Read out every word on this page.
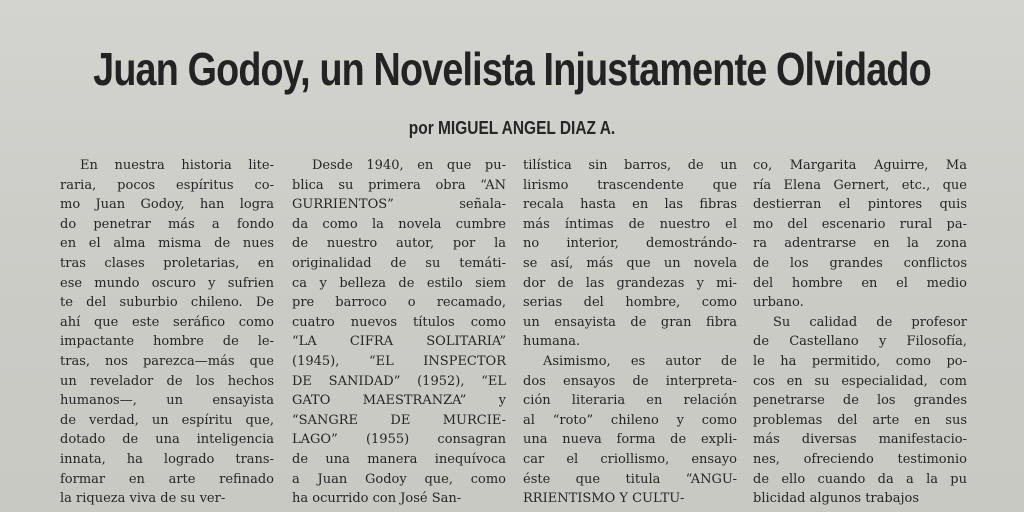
Juan Godoy, un Novelista Injustamente Olvidado
por MIGUEL ANGEL DIAZ A.

En nuestra historia lite-
raria, pocos espíritus co-
mo Juan Godoy, han logra
do penetrar más a fondo
en el alma misma de nues
tras clases proletarias, en
ese mundo oscuro y sufrien
te del suburbio chileno. De
ahí que este seráfico como
impactante hombre de le-
tras, nos parezca—más que
un revelador de los hechos
humanos—, un ensayista
de verdad, un espíritu que,
dotado de una inteligencia
innata, ha logrado trans-
formar en arte refinado
la riqueza viva de su ver-

Desde 1940, en que pu-
blica su primera obra “AN
GURRIENTOS” señala-
da como la novela cumbre
de nuestro autor, por la
originalidad de su temáti-
ca y belleza de estilo siem
pre barroco o recamado,
cuatro nuevos títulos como
“LA CIFRA SOLITARIA”
(1945), “EL INSPECTOR
DE SANIDAD” (1952), “EL
GATO MAESTRANZA” y
“SANGRE DE MURCIE-
LAGO” (1955) consagran
de una manera inequívoca
a Juan Godoy que, como
ha ocurrido con José San-

tilística sin barros, de un
lirismo trascendente que
recala hasta en las fibras
más íntimas de nuestro el
no interior, demostrándo-
se así, más que un novela
dor de las grandezas y mi-
serias del hombre, como
un ensayista de gran fibra
humana.

Asimismo, es autor de
dos ensayos de interpreta-
ción literaria en relación
al “roto” chileno y como
una nueva forma de expli-
car el criollismo, ensayo
éste que titula “ANGU-
RRIENTISMO Y CULTU-

co, Margarita Aguirre, Ma
ría Elena Gernert, etc., que
destierran el pintores quis
mo del escenario rural pa-
ra adentrarse en la zona
de los grandes conflictos
del hombre en el medio
urbano.

Su calidad de profesor
de Castellano y Filosofía,
le ha permitido, como po-
cos en su especialidad, com
penetrarse de los grandes
problemas del arte en sus
más diversas manifestacio-
nes, ofreciendo testimonio
de ello cuando da a la pu
blicidad algunos trabajos
